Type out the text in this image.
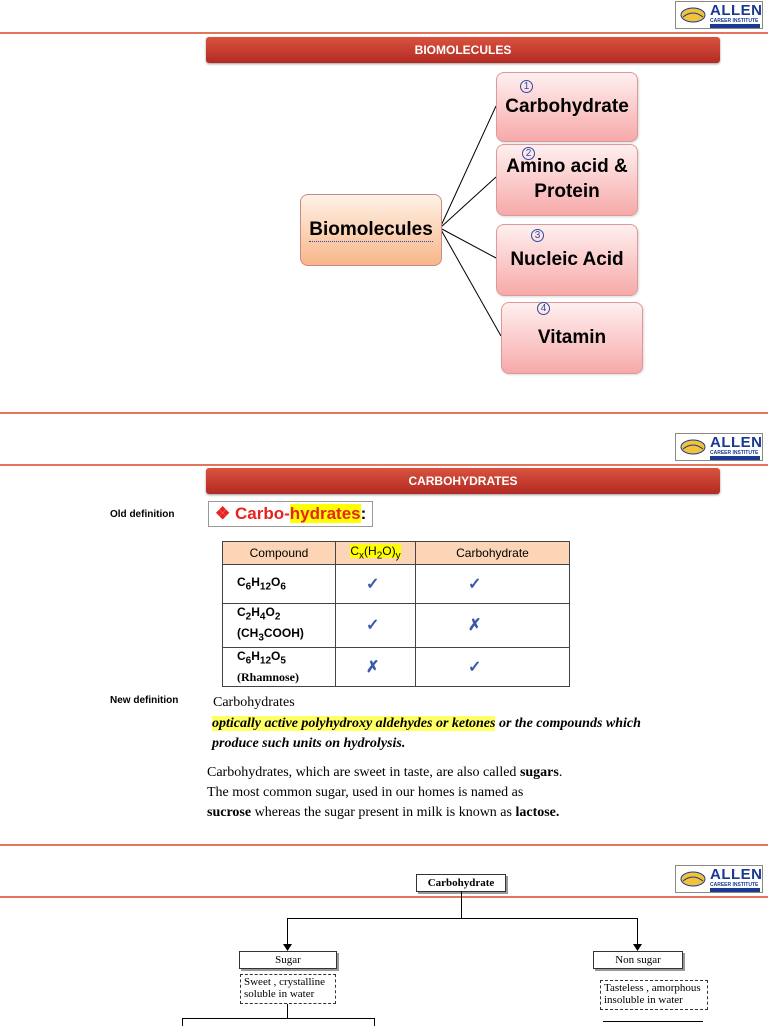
ALLEN
CAREER INSTITUTE
BIOMOLECULES
Biomolecules
Carbohydrate
1
Amino acid &
Protein
2
Nucleic Acid
3
Vitamin
4
ALLEN
CAREER INSTITUTE
CARBOHYDRATES
Old definition	❖ Carbo-hydrates:
Compound	$C_x(H_2O)_y$	Carbohydrate
$C_6H_{12}O_6$	✓	✓
$C_2H_4O_2$
$(CH_3COOH)$	✓	✗
$C_6H_{12}O_5$
(Rhamnose)	✗	✓
New definition Carbohydrates
optically active polyhydroxy aldehydes or ketones or the compounds which
produce such units on hydrolysis.
Carbohydrates, which are sweet in taste, are also called sugars.
The most common sugar, used in our homes is named as
sucrose whereas the sugar present in milk is known as lactose.
ALLEN
CAREER INSTITUTE
Carbohydrate
Sugar
Sweet , crystalline
soluble in water
Non sugar
Tasteless , amorphous
insoluble in water
